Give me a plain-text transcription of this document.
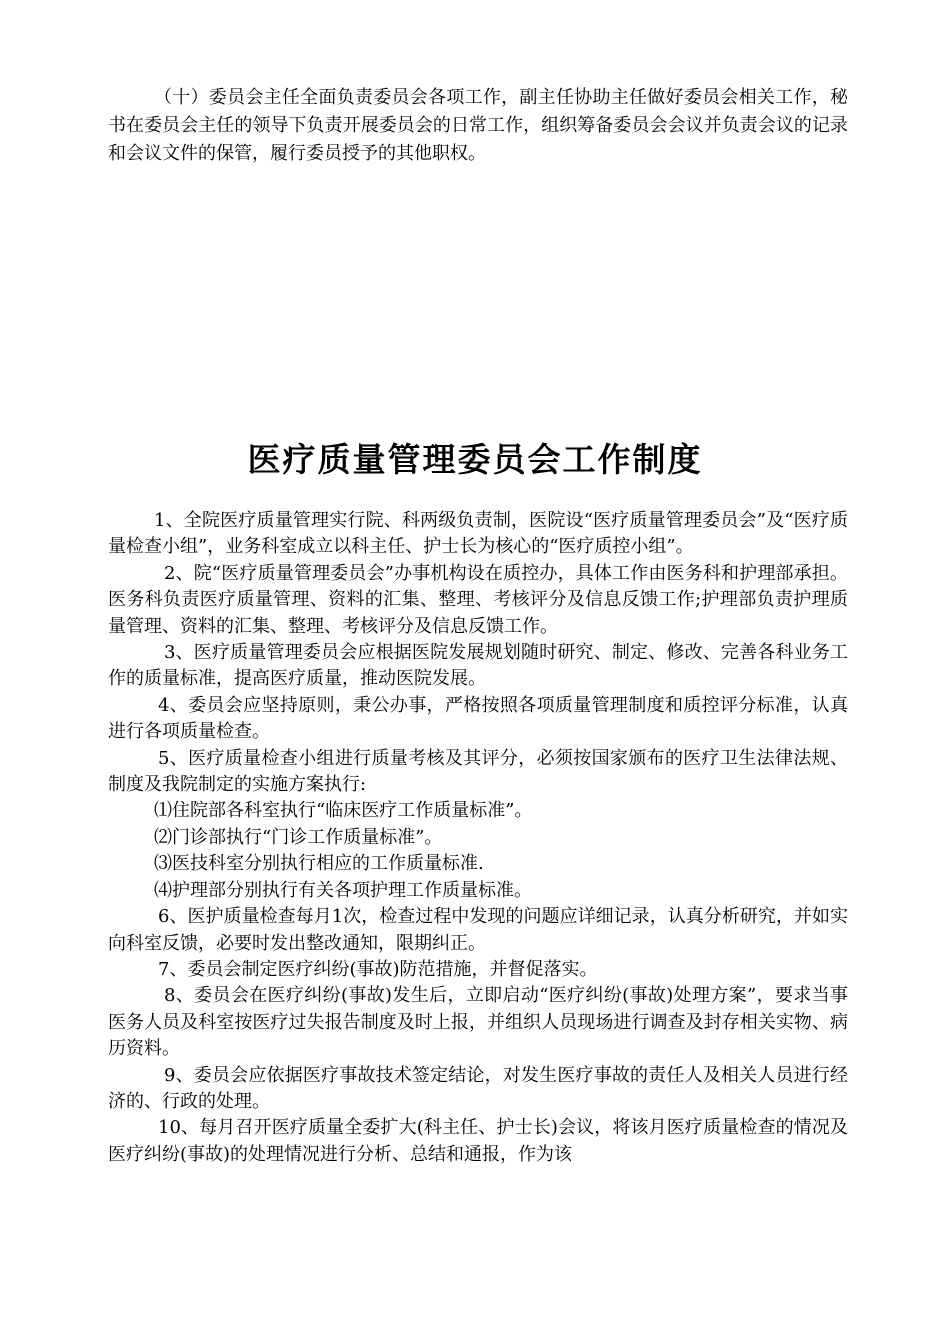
（十）委员会主任全面负责委员会各项工作，副主任协助主任做好委员会相关工作，秘书在委员会主任的领导下负责开展委员会的日常工作，组织筹备委员会会议并负责会议的记录和会议文件的保管，履行委员授予的其他职权。

医疗质量管理委员会工作制度

1、全院医疗质量管理实行院、科两级负责制，医院设“医疗质量管理委员会”及“医疗质量检查小组”，业务科室成立以科主任、护士长为核心的“医疗质控小组”。

2、院“医疗质量管理委员会”办事机构设在质控办，具体工作由医务科和护理部承担。医务科负责医疗质量管理、资料的汇集、整理、考核评分及信息反馈工作;护理部负责护理质量管理、资料的汇集、整理、考核评分及信息反馈工作。

3、医疗质量管理委员会应根据医院发展规划随时研究、制定、修改、完善各科业务工作的质量标准，提高医疗质量，推动医院发展。

4、委员会应坚持原则，秉公办事，严格按照各项质量管理制度和质控评分标准，认真进行各项质量检查。

5、医疗质量检查小组进行质量考核及其评分，必须按国家颁布的医疗卫生法律法规、制度及我院制定的实施方案执行:

⑴住院部各科室执行“临床医疗工作质量标准”。

⑵门诊部执行“门诊工作质量标准”。

⑶医技科室分别执行相应的工作质量标准.

⑷护理部分别执行有关各项护理工作质量标准。

6、医护质量检查每月1次，检查过程中发现的问题应详细记录，认真分析研究，并如实向科室反馈，必要时发出整改通知，限期纠正。

7、委员会制定医疗纠纷(事故)防范措施，并督促落实。

8、委员会在医疗纠纷(事故)发生后，立即启动“医疗纠纷(事故)处理方案”，要求当事医务人员及科室按医疗过失报告制度及时上报，并组织人员现场进行调查及封存相关实物、病历资料。

9、委员会应依据医疗事故技术签定结论，对发生医疗事故的责任人及相关人员进行经济的、行政的处理。

10、每月召开医疗质量全委扩大(科主任、护士长)会议，将该月医疗质量检查的情况及医疗纠纷(事故)的处理情况进行分析、总结和通报，作为该
